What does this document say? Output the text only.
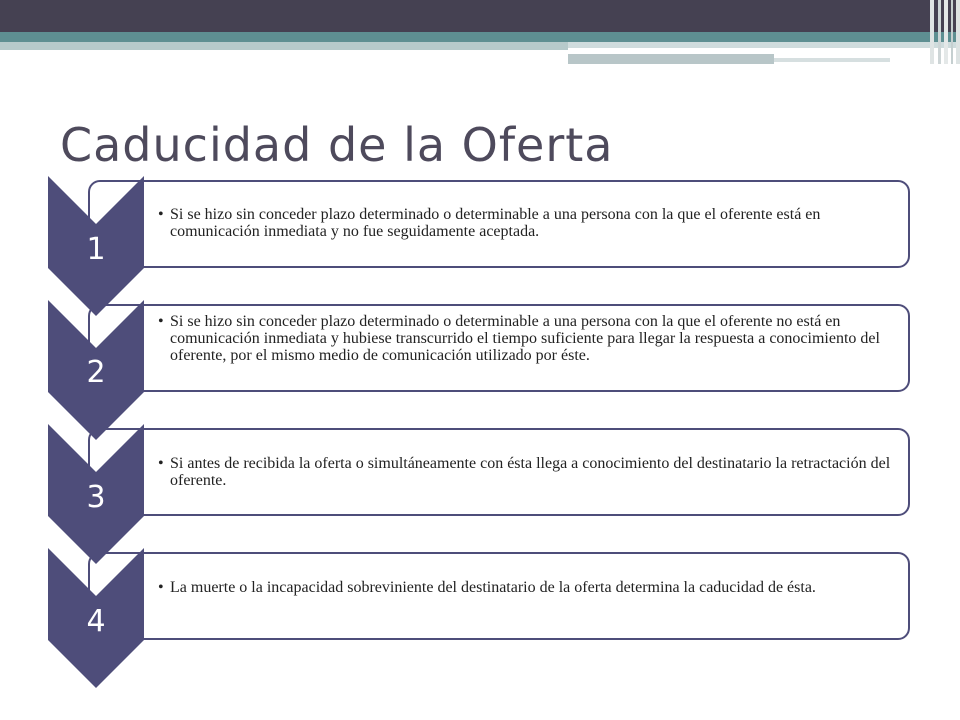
Caducidad de la Oferta
1
2
3
4
• Si se hizo sin conceder plazo determinado o determinable a una persona con la que el oferente está en comunicación inmediata y no fue seguidamente aceptada.
• Si se hizo sin conceder plazo determinado o determinable a una persona con la que el oferente no está en comunicación inmediata y hubiese transcurrido el tiempo suficiente para llegar la respuesta a conocimiento del oferente, por el mismo medio de comunicación utilizado por éste.
• Si antes de recibida la oferta o simultáneamente con ésta llega a conocimiento del destinatario la retractación del oferente.
• La muerte o la incapacidad sobreviniente del destinatario de la oferta determina la caducidad de ésta.
